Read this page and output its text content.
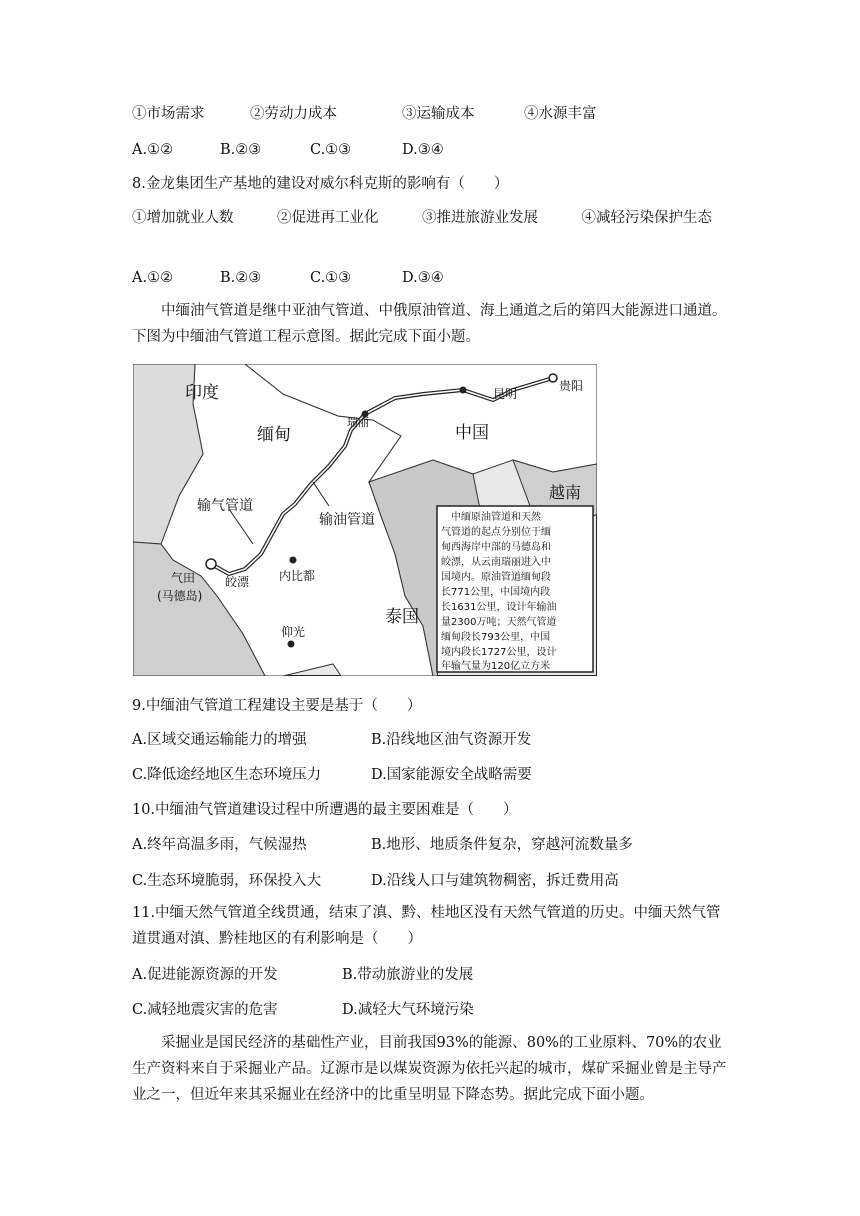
①市场需求	②劳动力成本	③运输成本	④水源丰富
A.①②	B.②③	C.①③	D.③④
8.金龙集团生产基地的建设对威尔科克斯的影响有（　　）
①增加就业人数　　　②促进再工业化　　　③推进旅游业发展　　　④减轻污染保护生态
A.①②	B.②③	C.①③	D.③④
中缅油气管道是继中亚油气管道、中俄原油管道、海上通道之后的第四大能源进口通道。下图为中缅油气管道工程示意图。据此完成下面小题。
印度
缅甸	中国
越南
泰国
瑞丽
昆明
贵阳
输气管道
输油管道
气田
(马德岛)
皎漂 内比都
仰光
中缅原油管道和天然
气管道的起点分别位于缅
甸西海岸中部的马德岛和
皎漂，从云南瑞丽进入中
国境内。原油管道缅甸段
长771公里，中国境内段
长1631公里，设计年输油
量2300万吨；天然气管道
缅甸段长793公里，中国
境内段长1727公里，设计
年输气量为120亿立方米
9.中缅油气管道工程建设主要是基于（　　）
A.区域交通运输能力的增强	B.沿线地区油气资源开发
C.降低途经地区生态环境压力	D.国家能源安全战略需要
10.中缅油气管道建设过程中所遭遇的最主要困难是（　　）
A.终年高温多雨，气候湿热	B.地形、地质条件复杂，穿越河流数量多
C.生态环境脆弱，环保投入大	D.沿线人口与建筑物稠密，拆迁费用高
11.中缅天然气管道全线贯通，结束了滇、黔、桂地区没有天然气管道的历史。中缅天然气管道贯通对滇、黔桂地区的有利影响是（　　）
A.促进能源资源的开发	B.带动旅游业的发展
C.减轻地震灾害的危害	D.减轻大气环境污染
采掘业是国民经济的基础性产业，目前我国93%的能源、80%的工业原料、70%的农业生产资料来自于采掘业产品。辽源市是以煤炭资源为依托兴起的城市，煤矿采掘业曾是主导产业之一，但近年来其采掘业在经济中的比重呈明显下降态势。据此完成下面小题。
